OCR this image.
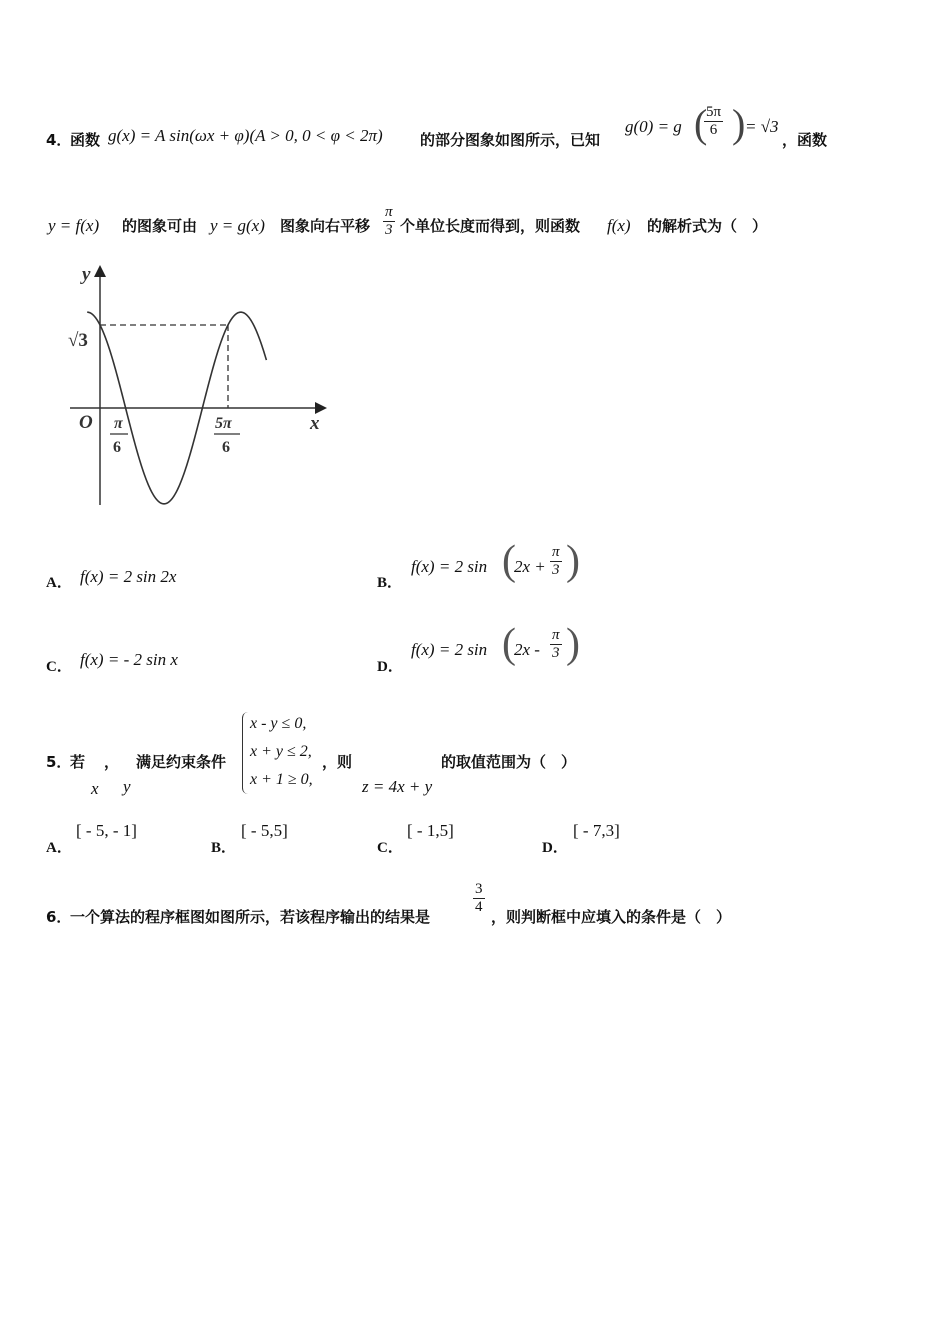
4．
函数 g(x) = A sin(ωx + φ)(A > 0, 0 < φ < 2π) 的部分图象如图所示，已知
g(0) = g (
$\frac{5\pi}{6}$ ) = √3
，函数
y = f(x) 的图象可由 y = g(x) 图象向右平移 $\frac{\pi}{3}$ 个单位长度而得到，则函数 f(x) 的解析式为（　）
y
x
O
√3
π
6
5π
6
A． f(x) = 2 sin 2x	B．
f(x) = 2 sin (
$2x + \frac{\pi}{3}$ )
C． f(x) = - 2 sin x	D．
f(x) = 2 sin (
$2x - \frac{\pi}{3}$ )
5．
若 ， 满足约束条件
x y
x - y ≤ 0,
x + y ≤ 2,
x + 1 ≥ 0,
，则
z = 4x + y
的取值范围为（　）
A．
[ - 5, - 1]
B．
[ - 5,5]
C．
[ - 1,5]
D．
[ - 7,3]
6．
一个算法的程序框图如图所示，若该程序输出的结果是
$\frac{3}{4}$
，则判断框中应填入的条件是（　）
